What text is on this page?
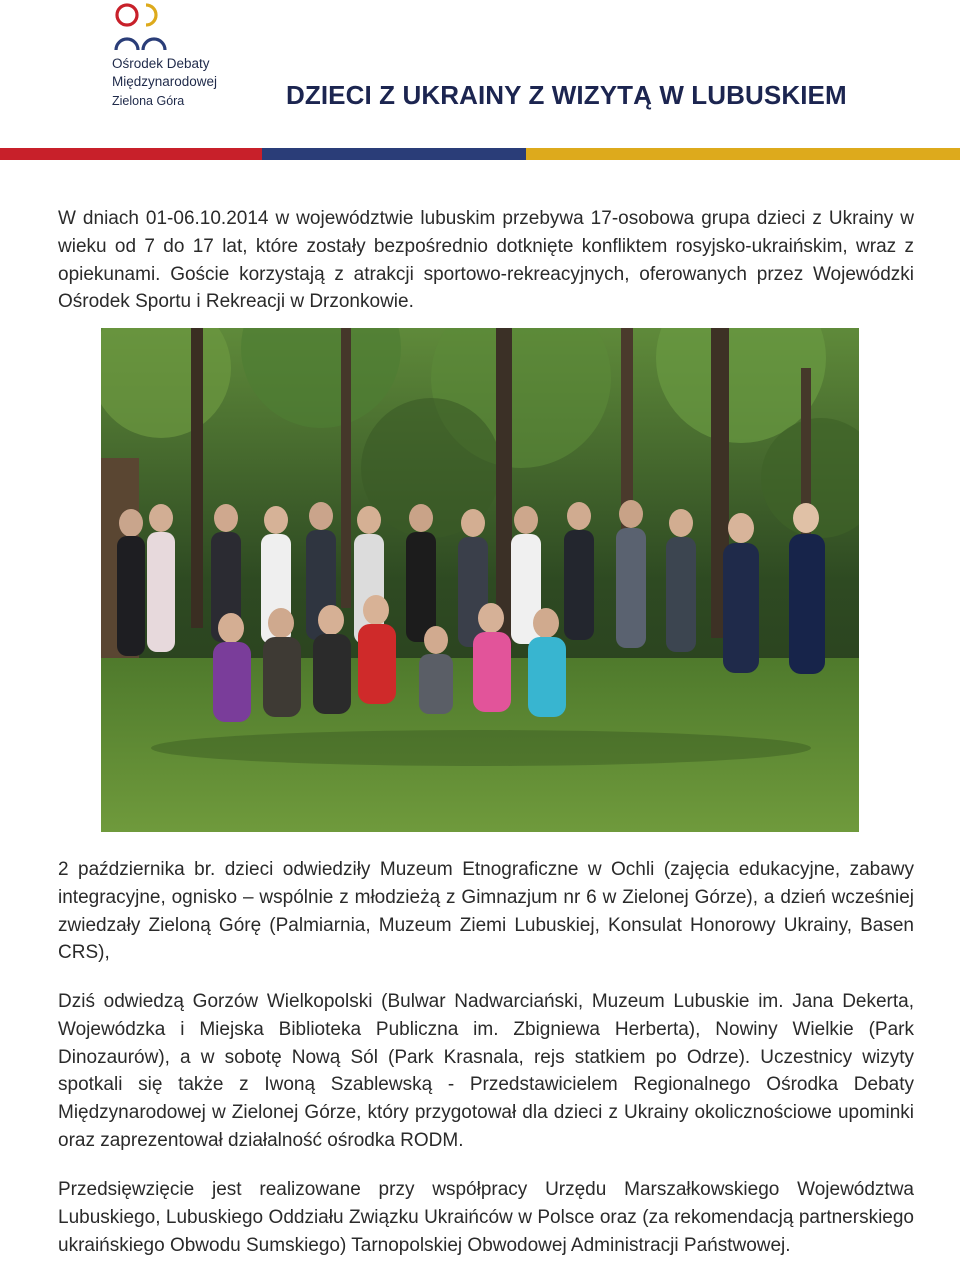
Ośrodek Debaty
Międzynarodowej
Zielona Góra	DZIECI Z UKRAINY Z WIZYTĄ W LUBUSKIEM

W dniach 01-06.10.2014 w województwie lubuskim przebywa 17-osobowa grupa dzieci z Ukrainy w wieku od 7 do 17 lat, które zostały bezpośrednio dotknięte konfliktem rosyjsko-ukraińskim, wraz z opiekunami. Goście korzystają z atrakcji sportowo-rekreacyjnych, oferowanych przez Wojewódzki Ośrodek Sportu i Rekreacji w Drzonkowie.

2 października br. dzieci odwiedziły Muzeum Etnograficzne w Ochli (zajęcia edukacyjne, zabawy integracyjne, ognisko – wspólnie z młodzieżą z Gimnazjum nr 6 w Zielonej Górze), a dzień wcześniej zwiedzały Zieloną Górę (Palmiarnia, Muzeum Ziemi Lubuskiej, Konsulat Honorowy Ukrainy, Basen CRS),

Dziś odwiedzą Gorzów Wielkopolski (Bulwar Nadwarciański, Muzeum Lubuskie im. Jana Dekerta, Wojewódzka i Miejska Biblioteka Publiczna im. Zbigniewa Herberta), Nowiny Wielkie (Park Dinozaurów), a w sobotę Nową Sól (Park Krasnala, rejs statkiem po Odrze). Uczestnicy wizyty spotkali się także z Iwoną Szablewską - Przedstawicielem Regionalnego Ośrodka Debaty Międzynarodowej w Zielonej Górze, który przygotował dla dzieci z Ukrainy okolicznościowe upominki oraz zaprezentował działalność ośrodka RODM.

Przedsięwzięcie jest realizowane przy współpracy Urzędu Marszałkowskiego Województwa Lubuskiego, Lubuskiego Oddziału Związku Ukraińców w Polsce oraz (za rekomendacją partnerskiego ukraińskiego Obwodu Sumskiego) Tarnopolskiej Obwodowej Administracji Państwowej.
